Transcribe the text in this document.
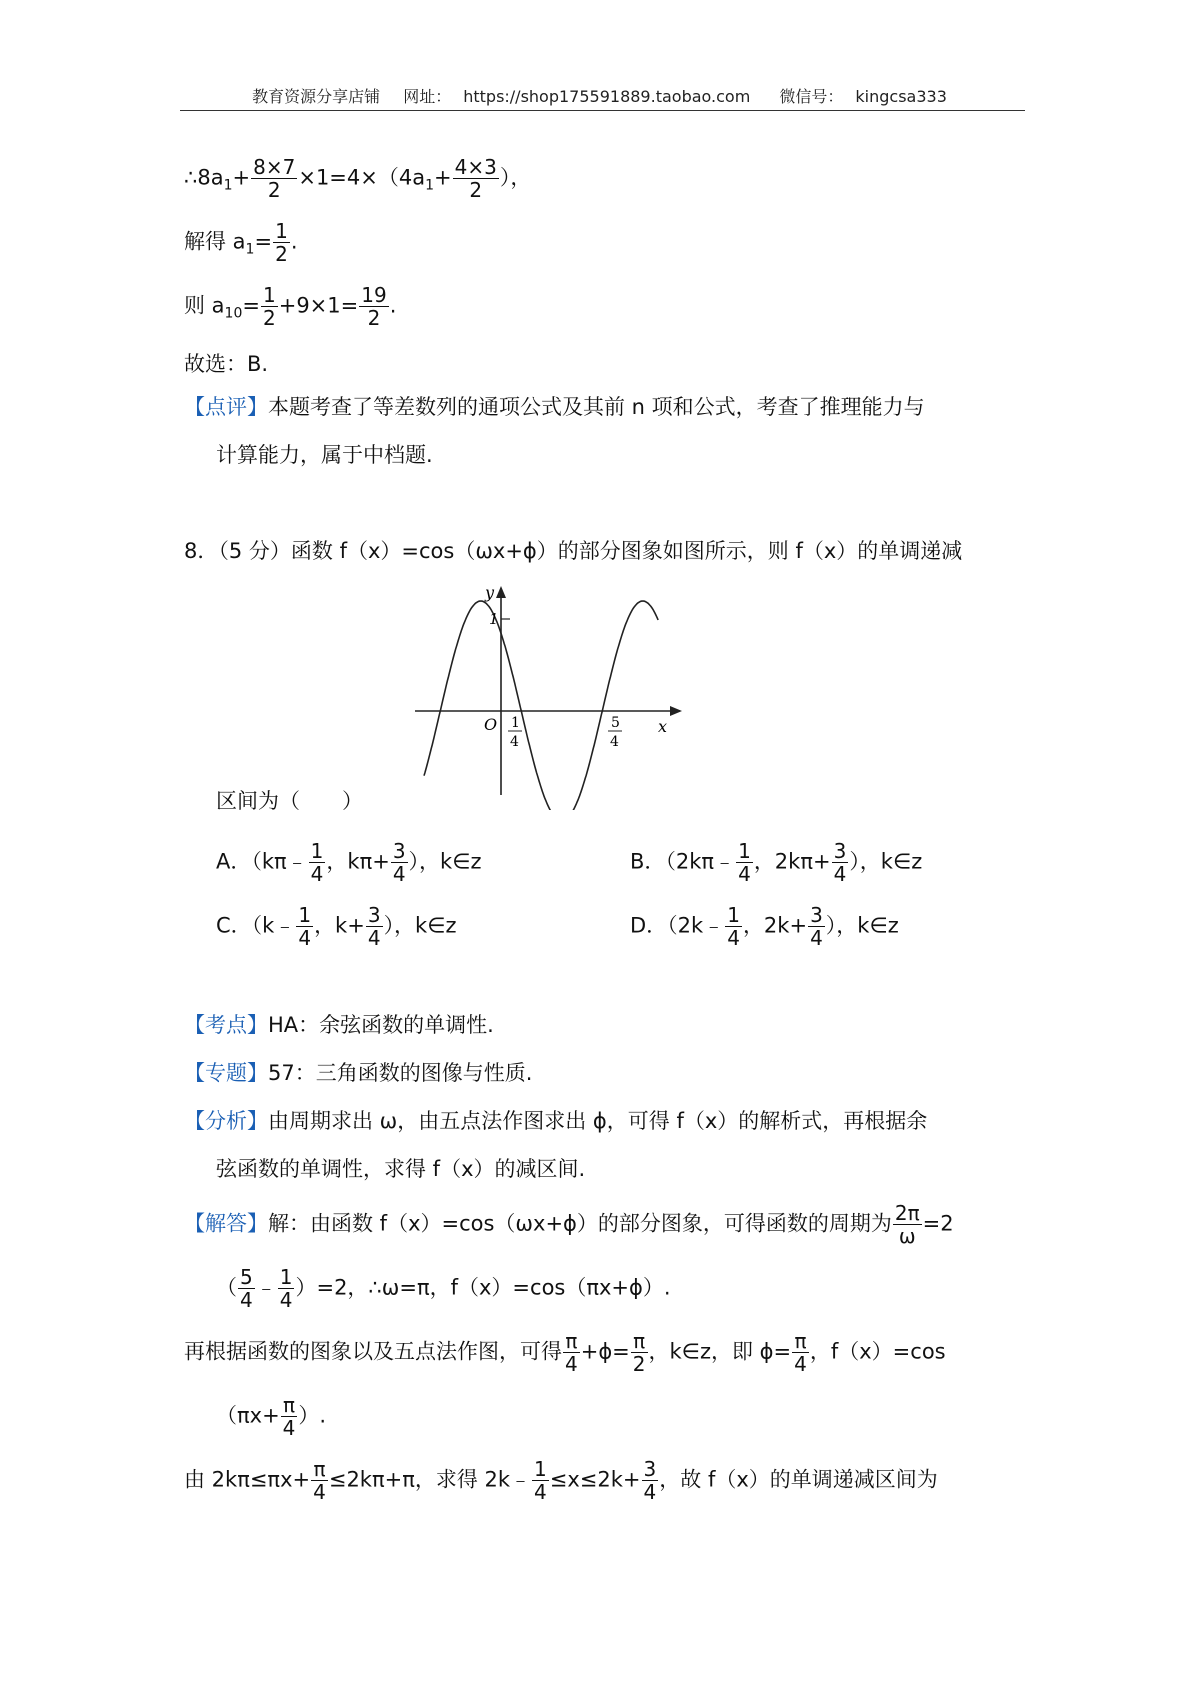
教育资源分享店铺 网址： https://shop175591889.taobao.com 微信号： kingcsa333
$\therefore 8a_1+ \frac{8\times 7}{2} \times 1=4\times(4a_1+ \frac{4\times 3}{2}$ ），
解得 $a_1= \frac{1}{2}$ .
则 $a_{10}= \frac{1}{2} +9\times 1= \frac{19}{2}$ .
故选：B.
【点评】本题考查了等差数列的通项公式及其前 n 项和公式，考查了推理能力与
计算能力，属于中档题.
8．（5 分）函数 f（x）=cos（ωx+ϕ）的部分图象如图所示，则 f（x）的单调递减
1
y
x
O 1
4
5
4
区间为（　　）
A．（kπ﹣ $\frac{1}{4}$ ，$k\pi+ \frac{3}{4}$ ），k∈z	B．（2kπ﹣ $\frac{1}{4}$ ，$2k\pi+ \frac{3}{4}$ ），k∈z
C．（k﹣ $\frac{1}{4}$ ，$k+ \frac{3}{4}$ ），k∈z	D．（2k﹣ $\frac{1}{4}$ ，$2k+ \frac{3}{4}$ ），k∈z
【考点】HA：余弦函数的单调性.
【专题】57：三角函数的图像与性质.
【分析】由周期求出 ω，由五点法作图求出 ϕ，可得 f（x）的解析式，再根据余
弦函数的单调性，求得 f（x）的减区间.
【解答】解：由函数 f（x）=cos（ωx+ϕ）的部分图象，可得函数的周期为 $\frac{2\pi}{\omega} =2$
（ $\frac{5}{4}$ ﹣ $\frac{1}{4} )=2$，∴ω=π，f（x）=cos（πx+ϕ）.
再根据函数的图象以及五点法作图，可得 $\frac{\pi}{4} +\phi= \frac{\pi}{2}$ ，k∈z，即 $\phi= \frac{\pi}{4}$ ，f（x）=cos
（$\pi x+ \frac{\pi}{4}$ ）.
由 $2k\pi\le\pi x+ \frac{\pi}{4} \le 2k\pi+\pi$，求得 2k﹣ $\frac{1}{4} \le x\le 2k+ \frac{3}{4}$ ，故 f（x）的单调递减区间为
